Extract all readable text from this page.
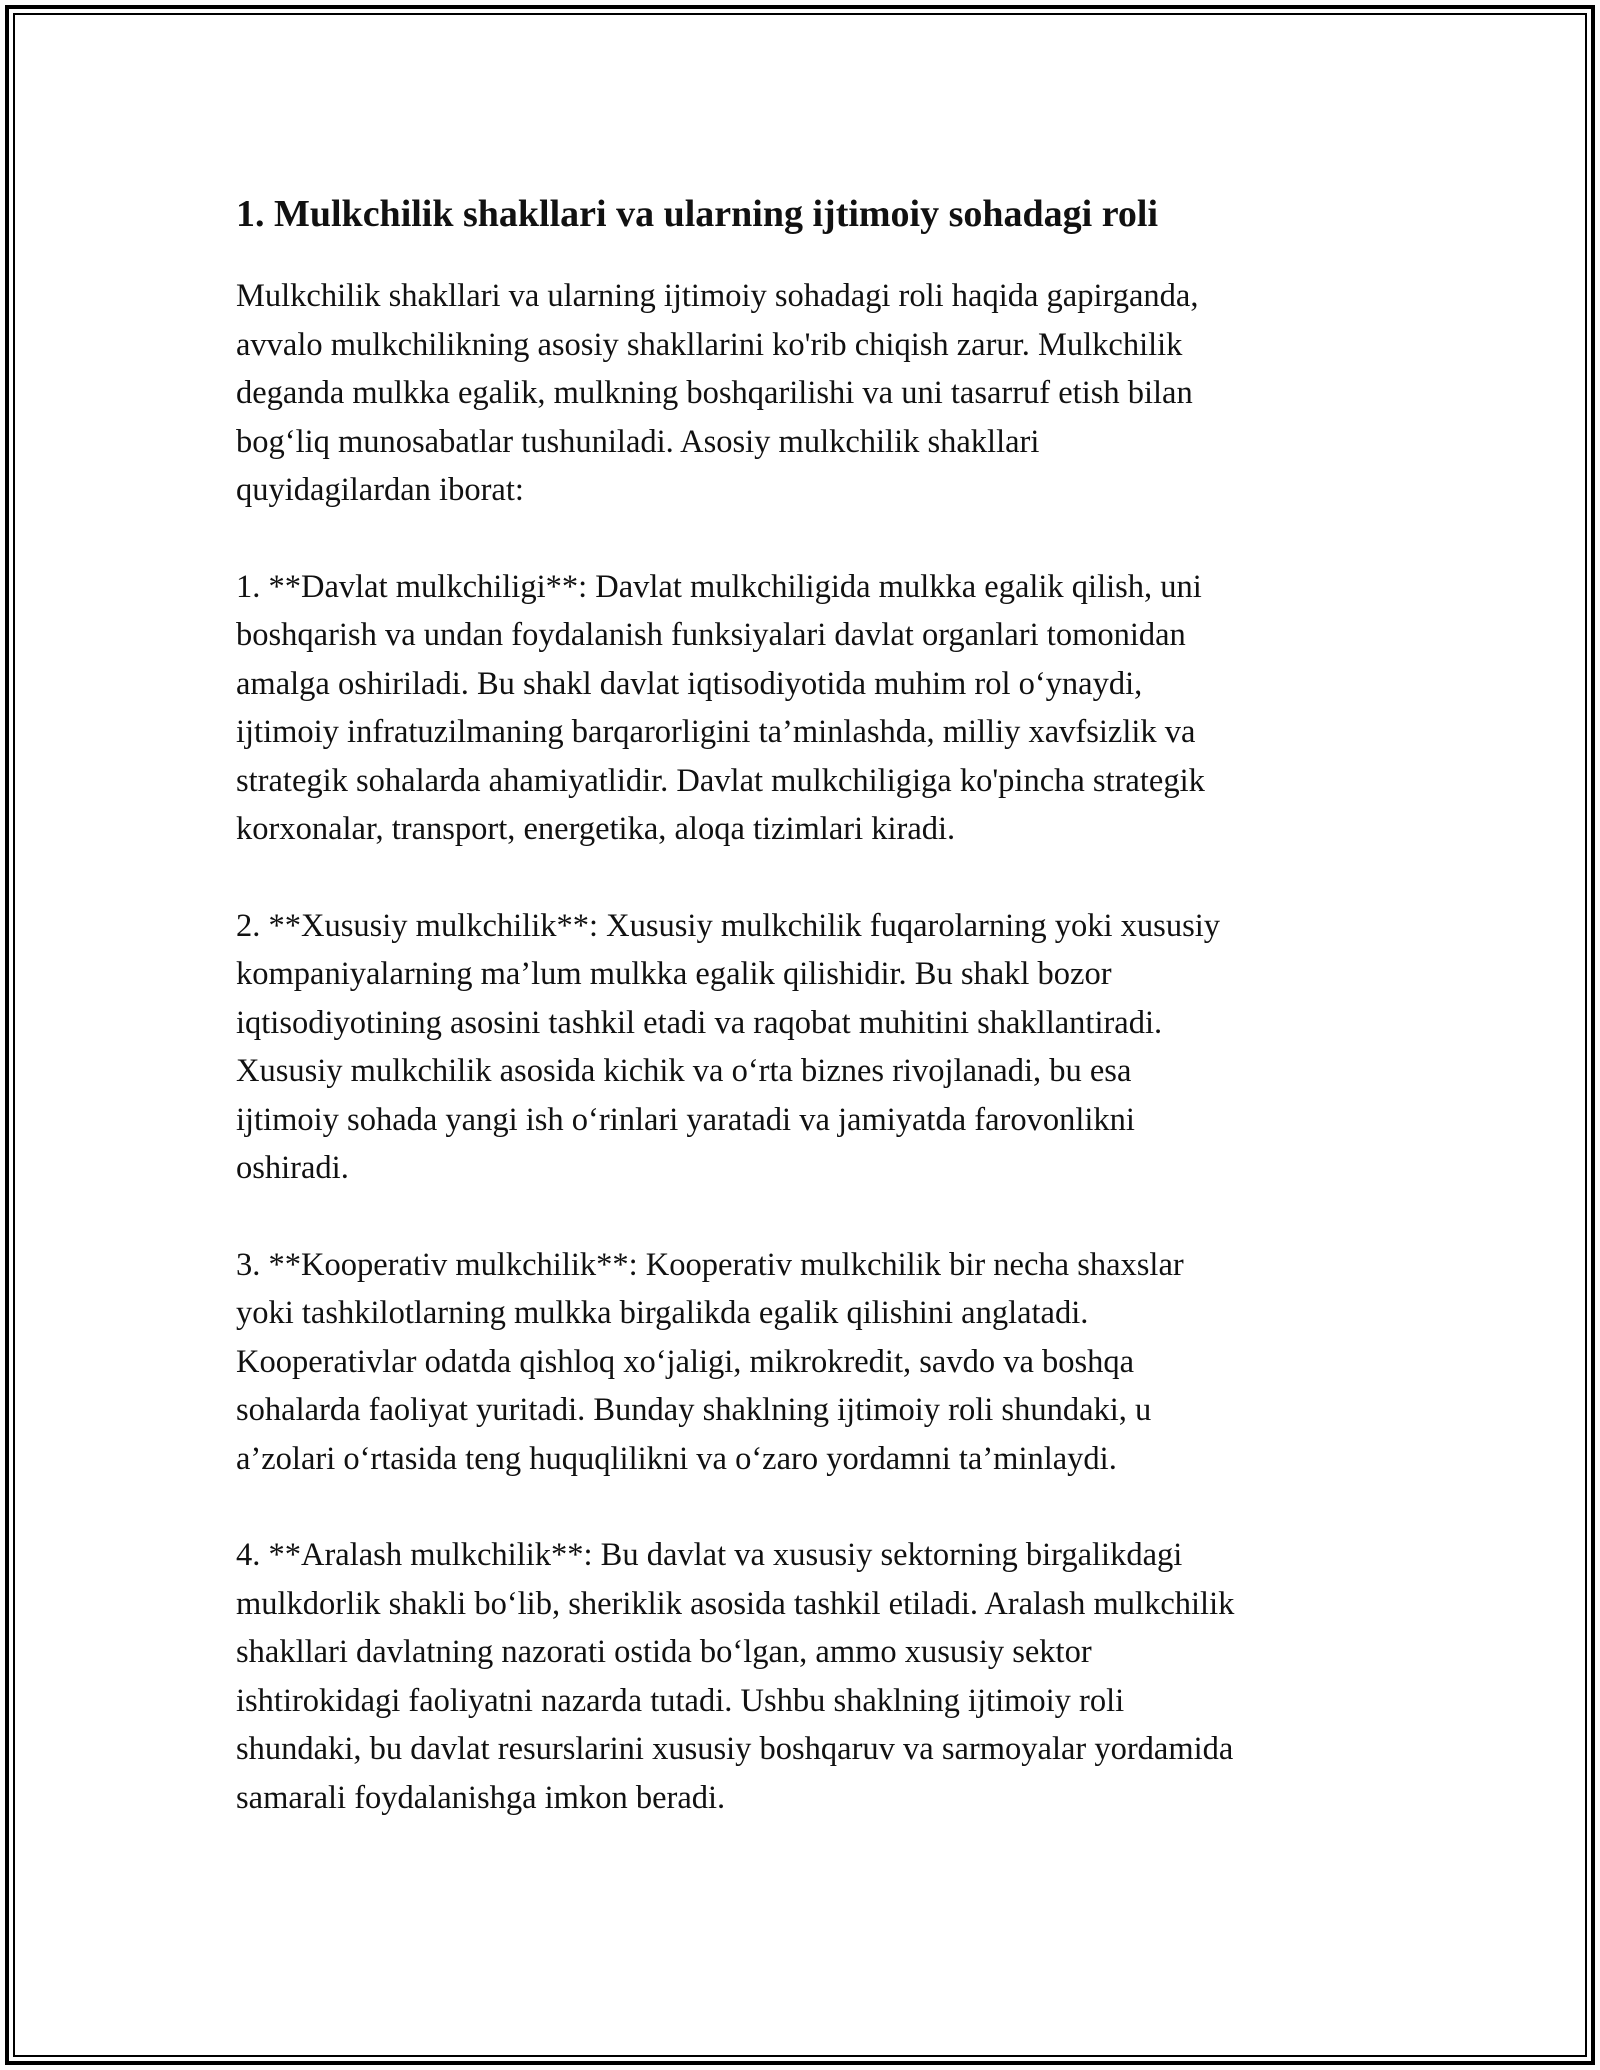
1. Mulkchilik shakllari va ularning ijtimoiy sohadagi roli

Mulkchilik shakllari va ularning ijtimoiy sohadagi roli haqida gapirganda,
avvalo mulkchilikning asosiy shakllarini ko'rib chiqish zarur. Mulkchilik
deganda mulkka egalik, mulkning boshqarilishi va uni tasarruf etish bilan
bog‘liq munosabatlar tushuniladi. Asosiy mulkchilik shakllari
quyidagilardan iborat:

1. **Davlat mulkchiligi**: Davlat mulkchiligida mulkka egalik qilish, uni
boshqarish va undan foydalanish funksiyalari davlat organlari tomonidan
amalga oshiriladi. Bu shakl davlat iqtisodiyotida muhim rol o‘ynaydi,
ijtimoiy infratuzilmaning barqarorligini ta’minlashda, milliy xavfsizlik va
strategik sohalarda ahamiyatlidir. Davlat mulkchiligiga ko'pincha strategik
korxonalar, transport, energetika, aloqa tizimlari kiradi.

2. **Xususiy mulkchilik**: Xususiy mulkchilik fuqarolarning yoki xususiy
kompaniyalarning ma’lum mulkka egalik qilishidir. Bu shakl bozor
iqtisodiyotining asosini tashkil etadi va raqobat muhitini shakllantiradi.
Xususiy mulkchilik asosida kichik va o‘rta biznes rivojlanadi, bu esa
ijtimoiy sohada yangi ish o‘rinlari yaratadi va jamiyatda farovonlikni
oshiradi.

3. **Kooperativ mulkchilik**: Kooperativ mulkchilik bir necha shaxslar
yoki tashkilotlarning mulkka birgalikda egalik qilishini anglatadi.
Kooperativlar odatda qishloq xo‘jaligi, mikrokredit, savdo va boshqa
sohalarda faoliyat yuritadi. Bunday shaklning ijtimoiy roli shundaki, u
a’zolari o‘rtasida teng huquqlilikni va o‘zaro yordamni ta’minlaydi.

4. **Aralash mulkchilik**: Bu davlat va xususiy sektorning birgalikdagi
mulkdorlik shakli bo‘lib, sheriklik asosida tashkil etiladi. Aralash mulkchilik
shakllari davlatning nazorati ostida bo‘lgan, ammo xususiy sektor
ishtirokidagi faoliyatni nazarda tutadi. Ushbu shaklning ijtimoiy roli
shundaki, bu davlat resurslarini xususiy boshqaruv va sarmoyalar yordamida
samarali foydalanishga imkon beradi.
